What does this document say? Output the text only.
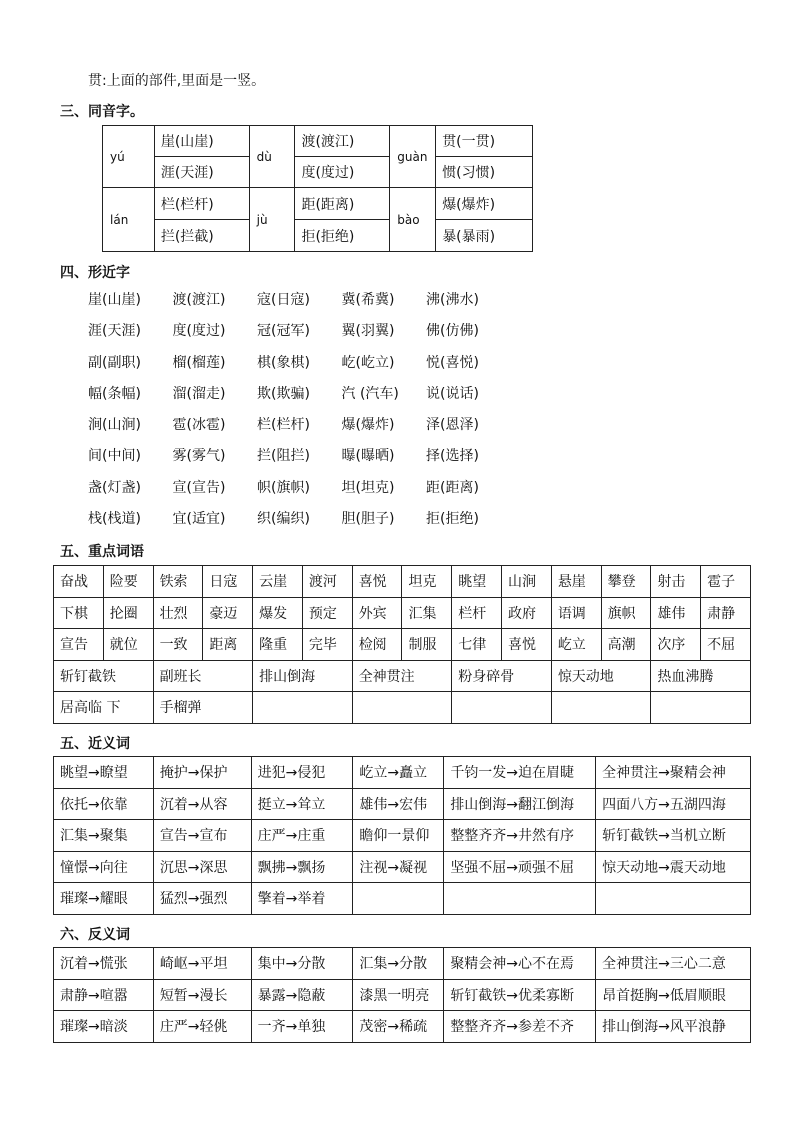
贯:上面的部件,里面是一竖。
三、同音字。
yú	崖(山崖)	dù	渡(渡江)	guàn	贯(一贯)
	涯(天涯)		度(度过)		惯(习惯)
lán	栏(栏杆)	jù	距(距离)	bào	爆(爆炸)
	拦(拦截)		拒(拒绝)		暴(暴雨)
四、形近字
崖(山崖)	渡(渡江)	寇(日寇)	冀(希冀)	沸(沸水)
涯(天涯)	度(度过)	冠(冠军)	翼(羽翼)	佛(仿佛)
副(副职)	榴(榴莲)	棋(象棋)	屹(屹立)	悦(喜悦)
幅(条幅)	溜(溜走)	欺(欺骗)	汽 (汽车)	说(说话)
涧(山涧)	雹(冰雹)	栏(栏杆)	爆(爆炸)	泽(恩泽)
间(中间)	雾(雾气)	拦(阻拦)	曝(曝晒)	择(选择)
盏(灯盏)	宣(宣告)	帜(旗帜)	坦(坦克)	距(距离)
栈(栈道)	宜(适宜)	织(编织)	胆(胆子)	拒(拒绝)
五、重点词语
奋战	险要	铁索	日寇	云崖	渡河	喜悦	坦克	眺望	山涧	悬崖	攀登	射击	雹子
下棋	抡圈	壮烈	豪迈	爆发	预定	外宾	汇集	栏杆	政府	语调	旗帜	雄伟	肃静
宣告	就位	一致	距离	隆重	完毕	检阅	制服	七律	喜悦	屹立	高潮	次序	不屈
斩钉截铁		副班长		排山倒海		全神贯注		粉身碎骨		惊天动地		热血沸腾	
居高临 下		手榴弹											
五、近义词
眺望→瞭望	掩护→保护	进犯→侵犯	屹立→矗立	千钧一发→迫在眉睫	全神贯注→聚精会神
依托→依靠	沉着→从容	挺立→耸立	雄伟→宏伟	排山倒海→翻江倒海	四面八方→五湖四海
汇集→聚集	宣告→宣布	庄严→庄重	瞻仰一景仰	整整齐齐→井然有序	斩钉截铁→当机立断
憧憬→向往	沉思→深思	飘拂→飘扬	注视→凝视	坚强不屈→顽强不屈	惊天动地→震天动地
璀璨→耀眼	猛烈→强烈	擎着→举着			
六、反义词
沉着→慌张	崎岖→平坦	集中→分散	汇集→分散	聚精会神→心不在焉	全神贯注→三心二意
肃静→喧嚣	短暂→漫长	暴露→隐蔽	漆黑一明亮	斩钉截铁→优柔寡断	昂首挺胸→低眉顺眼
璀璨→暗淡	庄严→轻佻	一齐→单独	茂密→稀疏	整整齐齐→参差不齐	排山倒海→风平浪静
